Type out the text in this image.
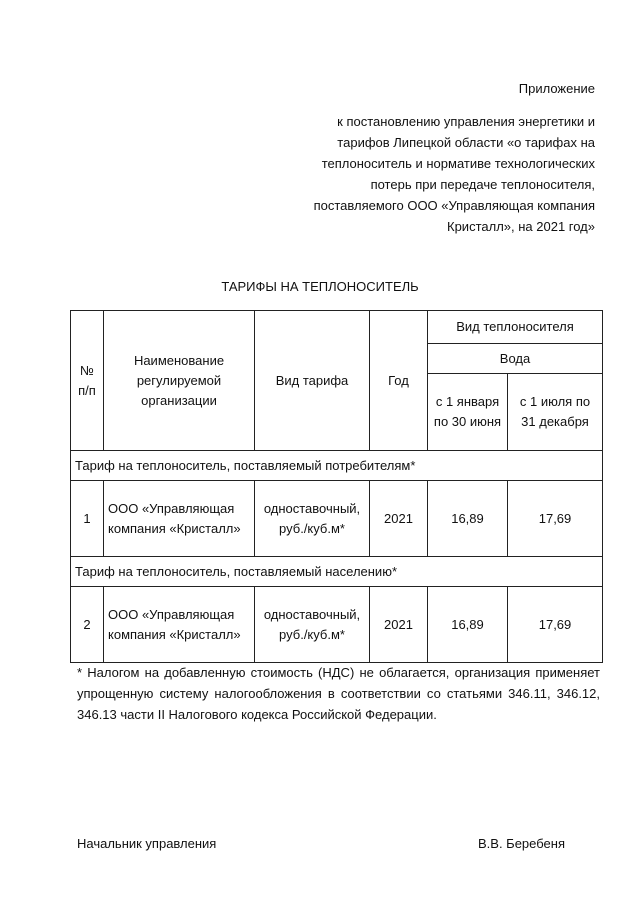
Приложение
к постановлению управления энергетики и
тарифов Липецкой области «о тарифах на
теплоноситель и нормативе технологических
потерь при передаче теплоносителя,
поставляемого ООО «Управляющая компания
Кристалл», на 2021 год»
ТАРИФЫ НА ТЕПЛОНОСИТЕЛЬ
№ п/п	Наименование регулируемой организации	Вид тарифа	Год	Вид теплоносителя	
				Вода	
				с 1 января по 30 июня	с 1 июля по 31 декабря
Тариф на теплоноситель, поставляемый потребителям*					
1	ООО «Управляющая компания «Кристалл»	одноставочный, руб./куб.м*	2021	16,89	17,69
Тариф на теплоноситель, поставляемый населению*					
2	ООО «Управляющая компания «Кристалл»	одноставочный, руб./куб.м*	2021	16,89	17,69
* Налогом на добавленную стоимость (НДС) не облагается, организация применяет упрощенную систему налогообложения в соответствии со статьями 346.11, 346.12, 346.13 части II Налогового кодекса Российской Федерации.
Начальник управления	В.В. Беребеня
